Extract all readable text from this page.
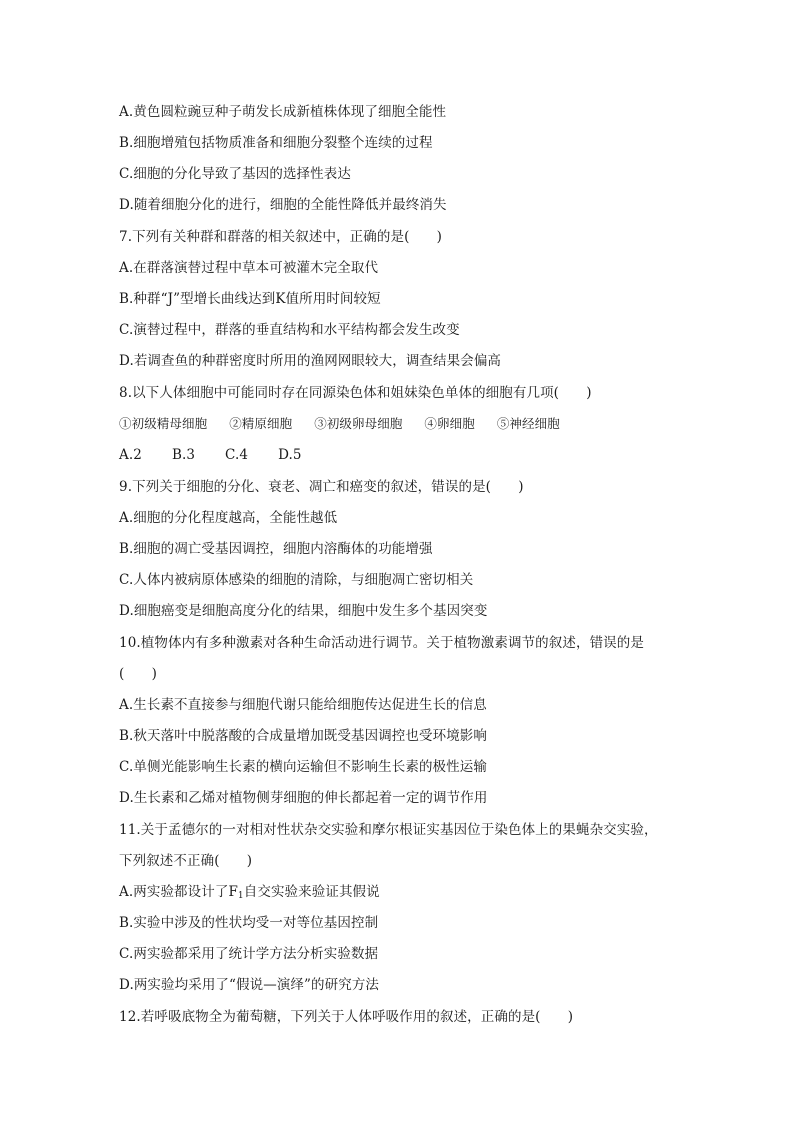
A.黄色圆粒豌豆种子萌发长成新植株体现了细胞全能性
B.细胞增殖包括物质准备和细胞分裂整个连续的过程
C.细胞的分化导致了基因的选择性表达
D.随着细胞分化的进行，细胞的全能性降低并最终消失
7.下列有关种群和群落的相关叙述中，正确的是(　　)
A.在群落演替过程中草本可被灌木完全取代
B.种群“J”型增长曲线达到K值所用时间较短
C.演替过程中，群落的垂直结构和水平结构都会发生改变
D.若调查鱼的种群密度时所用的渔网网眼较大，调查结果会偏高
8.以下人体细胞中可能同时存在同源染色体和姐妹染色单体的细胞有几项(　　)
①初级精母细胞 ②精原细胞 ③初级卵母细胞 ④卵细胞 ⑤神经细胞
A.2 B.3 C.4 D.5
9.下列关于细胞的分化、衰老、凋亡和癌变的叙述，错误的是(　　)
A.细胞的分化程度越高，全能性越低
B.细胞的凋亡受基因调控，细胞内溶酶体的功能增强
C.人体内被病原体感染的细胞的清除，与细胞凋亡密切相关
D.细胞癌变是细胞高度分化的结果，细胞中发生多个基因突变
10.植物体内有多种激素对各种生命活动进行调节。关于植物激素调节的叙述，错误的是
(　　)
A.生长素不直接参与细胞代谢只能给细胞传达促进生长的信息
B.秋天落叶中脱落酸的合成量增加既受基因调控也受环境影响
C.单侧光能影响生长素的横向运输但不影响生长素的极性运输
D.生长素和乙烯对植物侧芽细胞的伸长都起着一定的调节作用
11.关于孟德尔的一对相对性状杂交实验和摩尔根证实基因位于染色体上的果蝇杂交实验，
下列叙述不正确(　　)
A.两实验都设计了$F_1$自交实验来验证其假说
B.实验中涉及的性状均受一对等位基因控制
C.两实验都采用了统计学方法分析实验数据
D.两实验均采用了“假说—演绎”的研究方法
12.若呼吸底物全为葡萄糖，下列关于人体呼吸作用的叙述，正确的是(　　)
